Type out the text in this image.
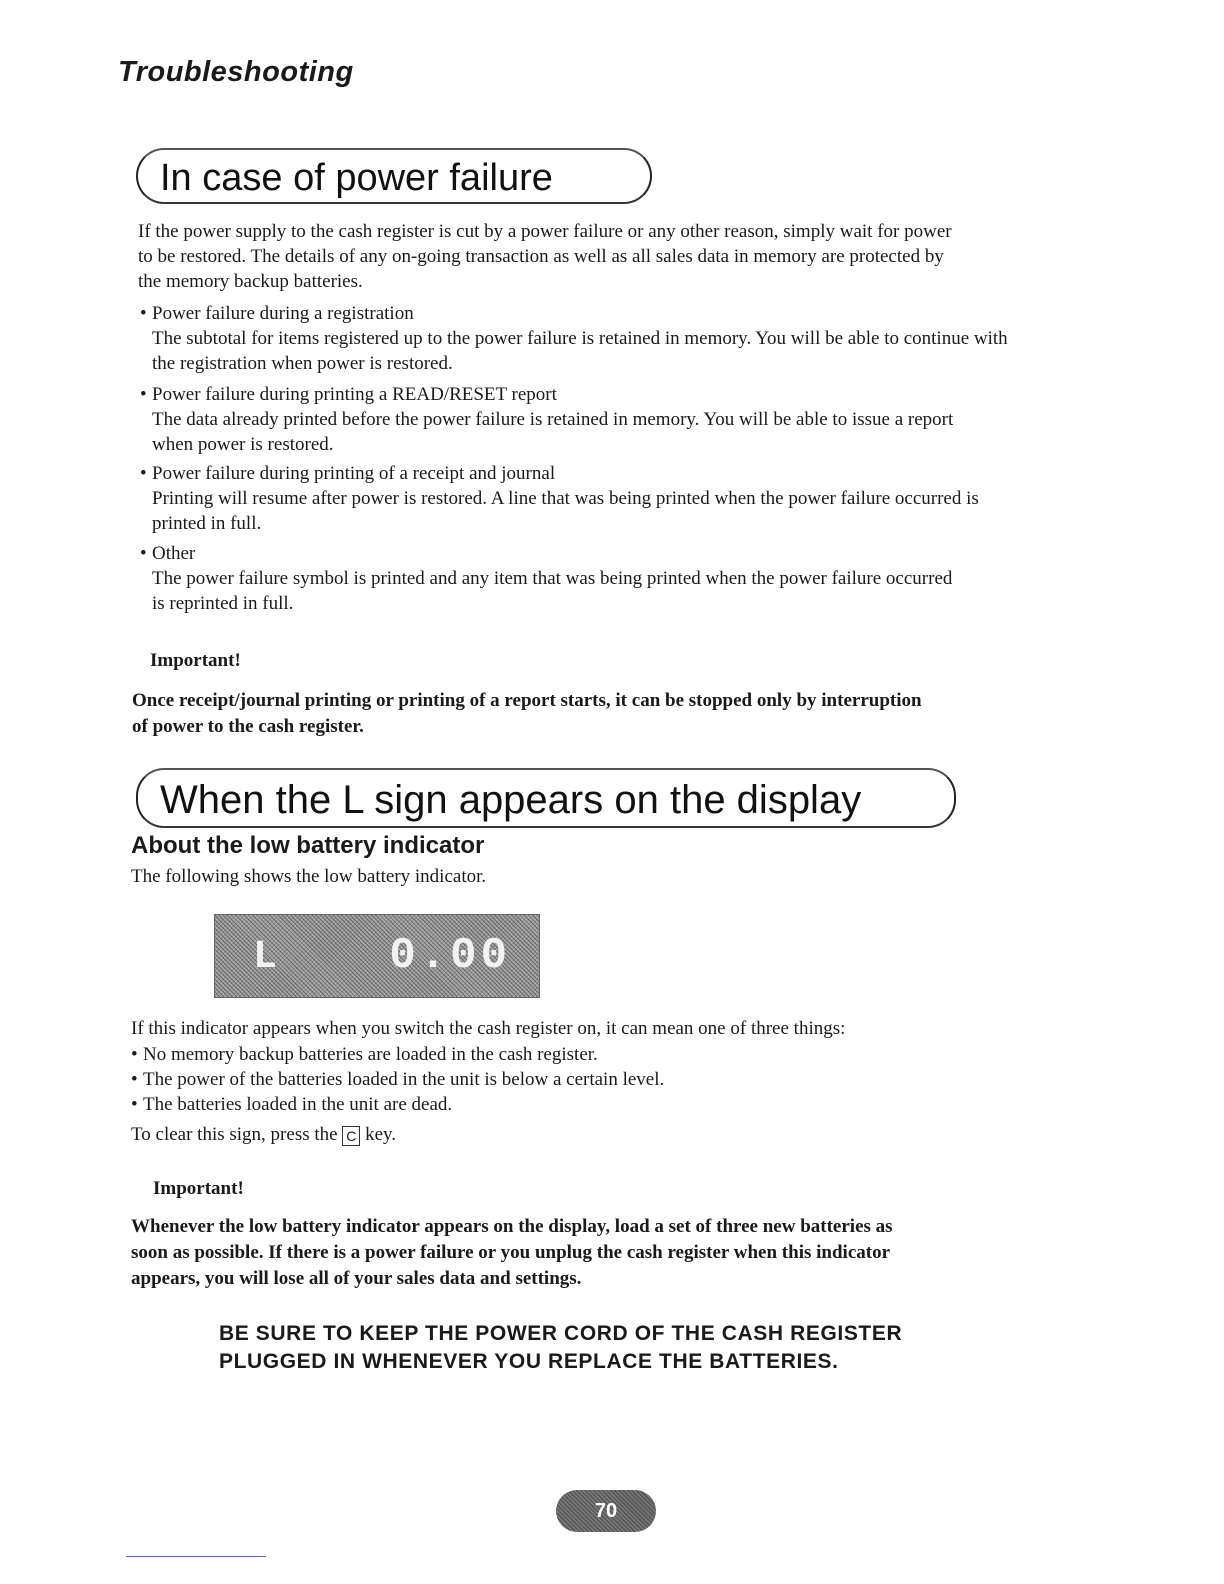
Troubleshooting
In case of power failure
If the power supply to the cash register is cut by a power failure or any other reason, simply wait for power
to be restored. The details of any on-going transaction as well as all sales data in memory are protected by
the memory backup batteries.
• Power failure during a registration
The subtotal for items registered up to the power failure is retained in memory. You will be able to continue with
the registration when power is restored.
• Power failure during printing a READ/RESET report
The data already printed before the power failure is retained in memory. You will be able to issue a report
when power is restored.
• Power failure during printing of a receipt and journal
Printing will resume after power is restored. A line that was being printed when the power failure occurred is
printed in full.
• Other
The power failure symbol is printed and any item that was being printed when the power failure occurred
is reprinted in full.
Important!
Once receipt/journal printing or printing of a report starts, it can be stopped only by interruption
of power to the cash register.
When the L sign appears on the display
About the low battery indicator
The following shows the low battery indicator.
L	0.00
If this indicator appears when you switch the cash register on, it can mean one of three things:
• No memory backup batteries are loaded in the cash register.
• The power of the batteries loaded in the unit is below a certain level.
• The batteries loaded in the unit are dead.
To clear this sign, press the C key.
Important!
Whenever the low battery indicator appears on the display, load a set of three new batteries as
soon as possible. If there is a power failure or you unplug the cash register when this indicator
appears, you will lose all of your sales data and settings.
BE SURE TO KEEP THE POWER CORD OF THE CASH REGISTER
PLUGGED IN WHENEVER YOU REPLACE THE BATTERIES.
70
